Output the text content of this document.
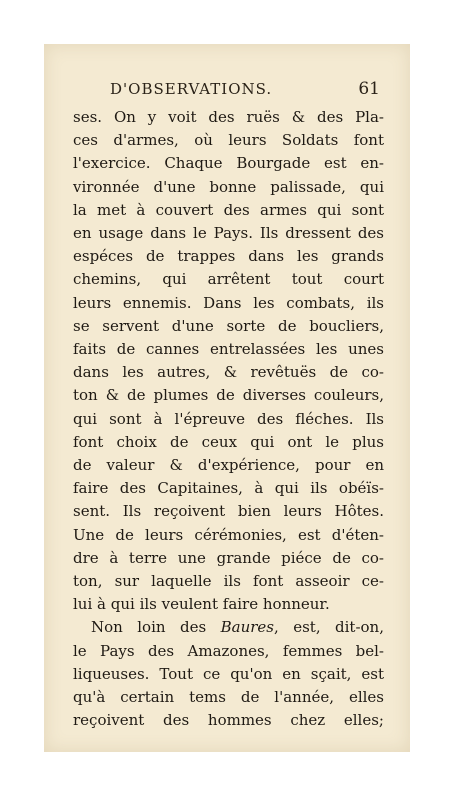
D'OBSERVATIONS.	61
ses. On y voit des ruës & des Pla-
ces d'armes, où leurs Soldats font
l'exercice. Chaque Bourgade est en-
vironnée d'une bonne palissade, qui
la met à couvert des armes qui sont
en usage dans le Pays. Ils dressent des
espéces de trappes dans les grands
chemins, qui arrêtent tout court
leurs ennemis. Dans les combats, ils
se servent d'une sorte de boucliers,
faits de cannes entrelassées les unes
dans les autres, & revêtuës de co-
ton & de plumes de diverses couleurs,
qui sont à l'épreuve des fléches. Ils
font choix de ceux qui ont le plus
de valeur & d'expérience, pour en
faire des Capitaines, à qui ils obéïs-
sent. Ils reçoivent bien leurs Hôtes.
Une de leurs cérémonies, est d'éten-
dre à terre une grande piéce de co-
ton, sur laquelle ils font asseoir ce-
lui à qui ils veulent faire honneur.
Non loin des Baures, est, dit-on,
le Pays des Amazones, femmes bel-
liqueuses. Tout ce qu'on en sçait, est
qu'à certain tems de l'année, elles
reçoivent des hommes chez elles;
